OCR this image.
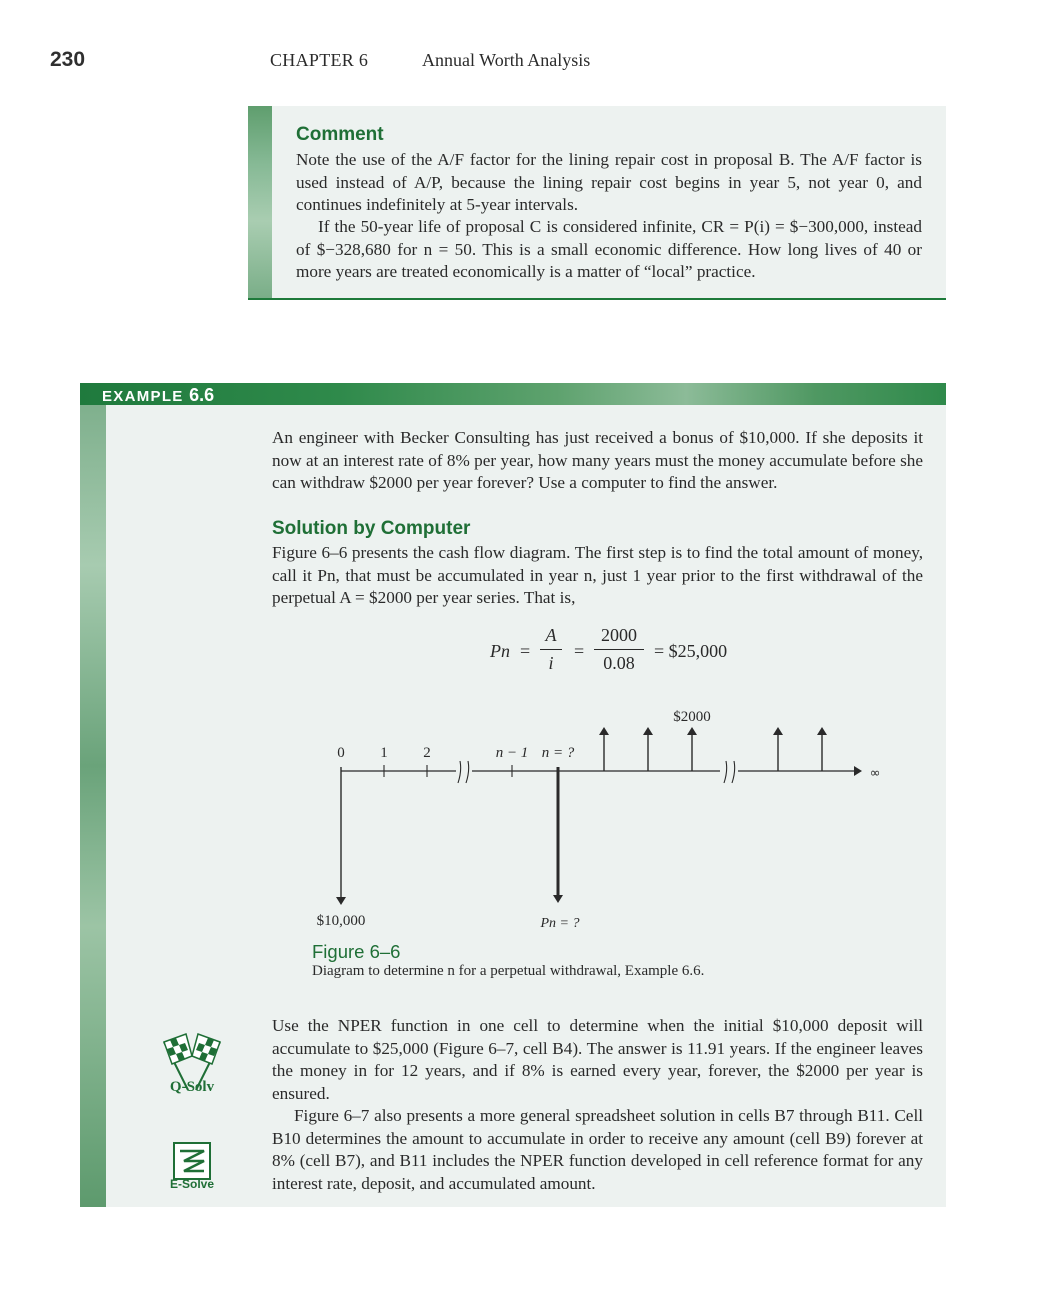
230	CHAPTER 6	Annual Worth Analysis
Comment
Note the use of the A/F factor for the lining repair cost in proposal B. The A/F factor is used instead of A/P, because the lining repair cost begins in year 5, not year 0, and continues indefinitely at 5-year intervals.
If the 50-year life of proposal C is considered infinite, CR = P(i) = $−300,000, instead of $−328,680 for n = 50. This is a small economic difference. How long lives of 40 or more years are treated economically is a matter of “local” practice.
EXAMPLE 6.6
An engineer with Becker Consulting has just received a bonus of $10,000. If she deposits it now at an interest rate of 8% per year, how many years must the money accumulate before she can withdraw $2000 per year forever? Use a computer to find the answer.
Solution by Computer
Figure 6–6 presents the cash flow diagram. The first step is to find the total amount of money, call it Pn, that must be accumulated in year n, just 1 year prior to the first withdrawal of the perpetual A = $2000 per year series. That is,
Pn =
A
i
=
2000
0.08
= $25,000
0 1 2	n − 1 n = ?
$2000
∞
$10,000	Pn = ?
Figure 6–6
Diagram to determine n for a perpetual withdrawal, Example 6.6.
Q-Solv
E-Solve
Use the NPER function in one cell to determine when the initial $10,000 deposit will accumulate to $25,000 (Figure 6–7, cell B4). The answer is 11.91 years. If the engineer leaves the money in for 12 years, and if 8% is earned every year, forever, the $2000 per year is ensured.
Figure 6–7 also presents a more general spreadsheet solution in cells B7 through B11. Cell B10 determines the amount to accumulate in order to receive any amount (cell B9) forever at 8% (cell B7), and B11 includes the NPER function developed in cell reference format for any interest rate, deposit, and accumulated amount.
